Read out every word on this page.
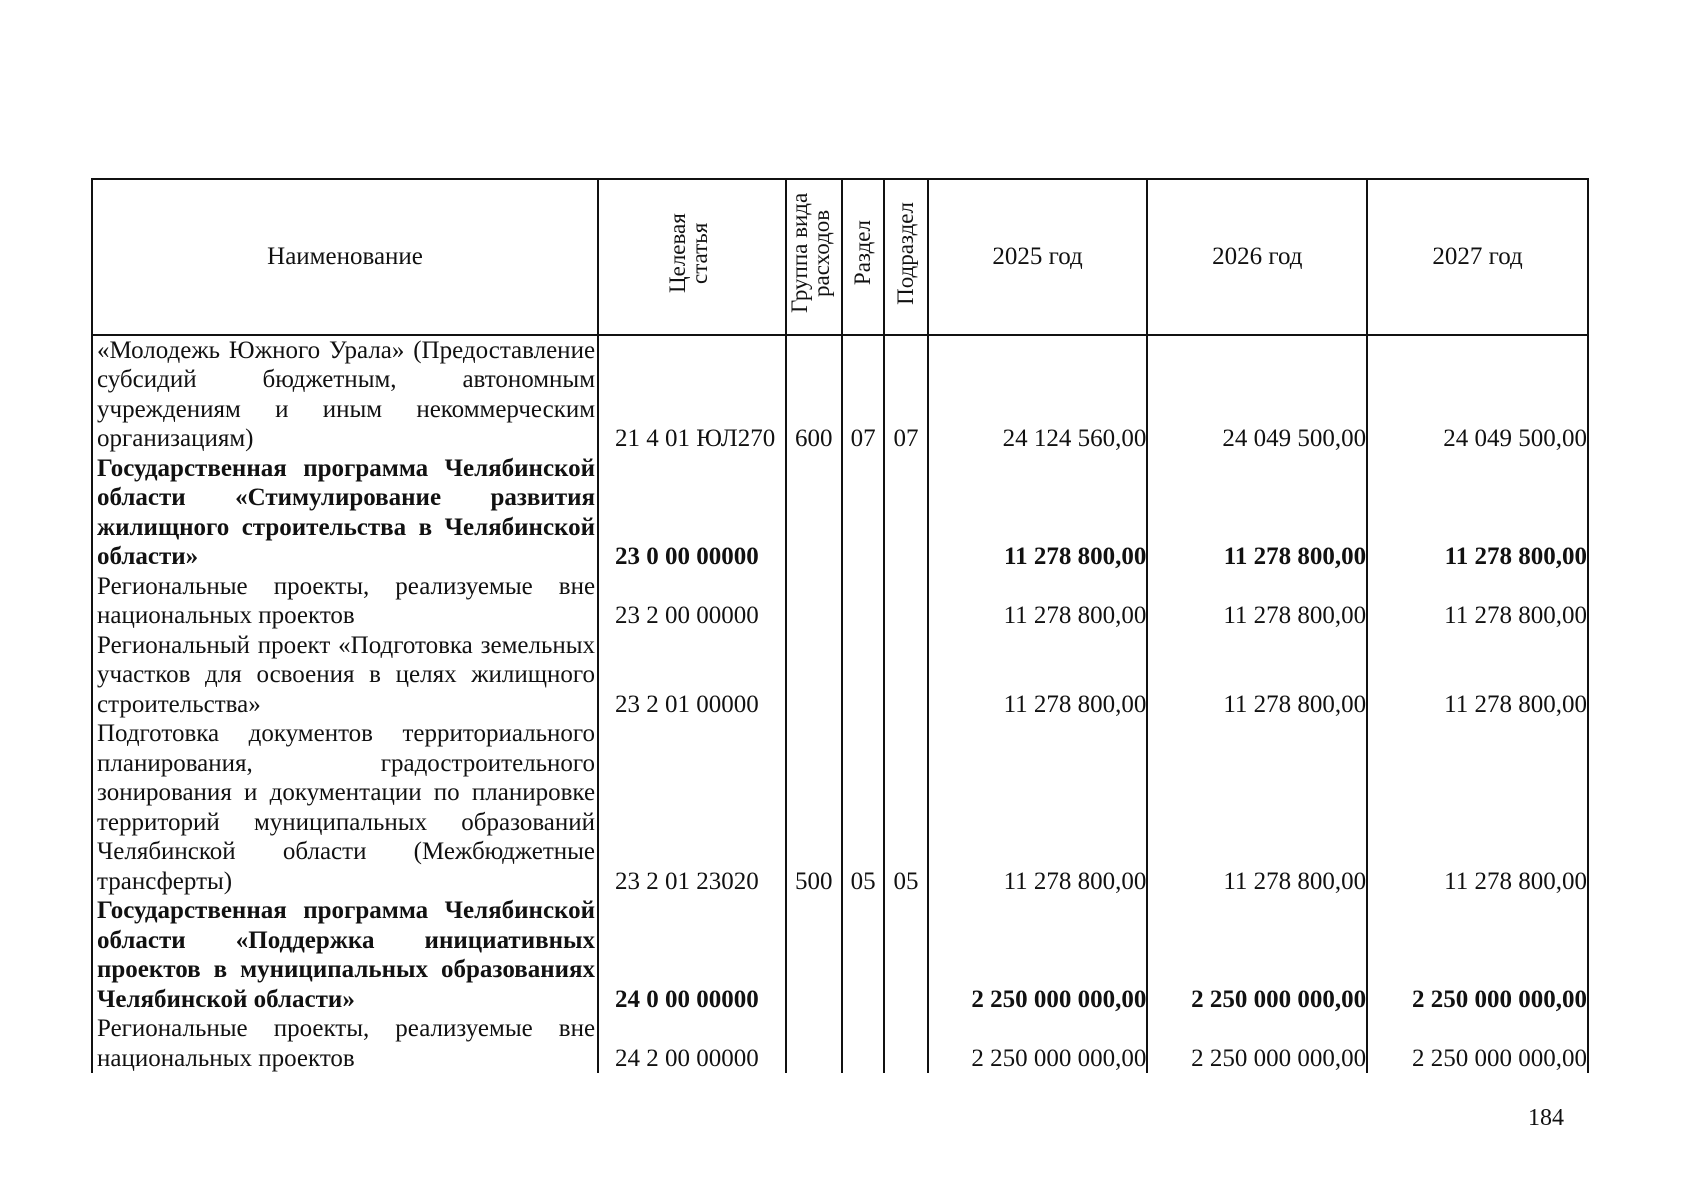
Наименование	Целевая статья	Группа вида расходов	Раздел	Подраздел	2025 год	2026 год	2027 год
«Молодежь Южного Урала» (Предоставление субсидий бюджетным, автономным учреждениям и иным некоммерческим организациям)	21 4 01 ЮЛ270	600	07	07	24 124 560,00	24 049 500,00	24 049 500,00
Государственная программа Челябинской области «Стимулирование развития жилищного строительства в Челябинской области»	23 0 00 00000				11 278 800,00	11 278 800,00	11 278 800,00
Региональные проекты, реализуемые вне национальных проектов	23 2 00 00000				11 278 800,00	11 278 800,00	11 278 800,00
Региональный проект «Подготовка земельных участков для освоения в целях жилищного строительства»	23 2 01 00000				11 278 800,00	11 278 800,00	11 278 800,00
Подготовка документов территориального планирования, градостроительного зонирования и документации по планировке территорий муниципальных образований Челябинской области (Межбюджетные трансферты)	23 2 01 23020	500	05	05	11 278 800,00	11 278 800,00	11 278 800,00
Государственная программа Челябинской области «Поддержка инициативных проектов в муниципальных образованиях Челябинской области»	24 0 00 00000				2 250 000 000,00	2 250 000 000,00	2 250 000 000,00
Региональные проекты, реализуемые вне национальных проектов	24 2 00 00000				2 250 000 000,00	2 250 000 000,00	2 250 000 000,00
184
